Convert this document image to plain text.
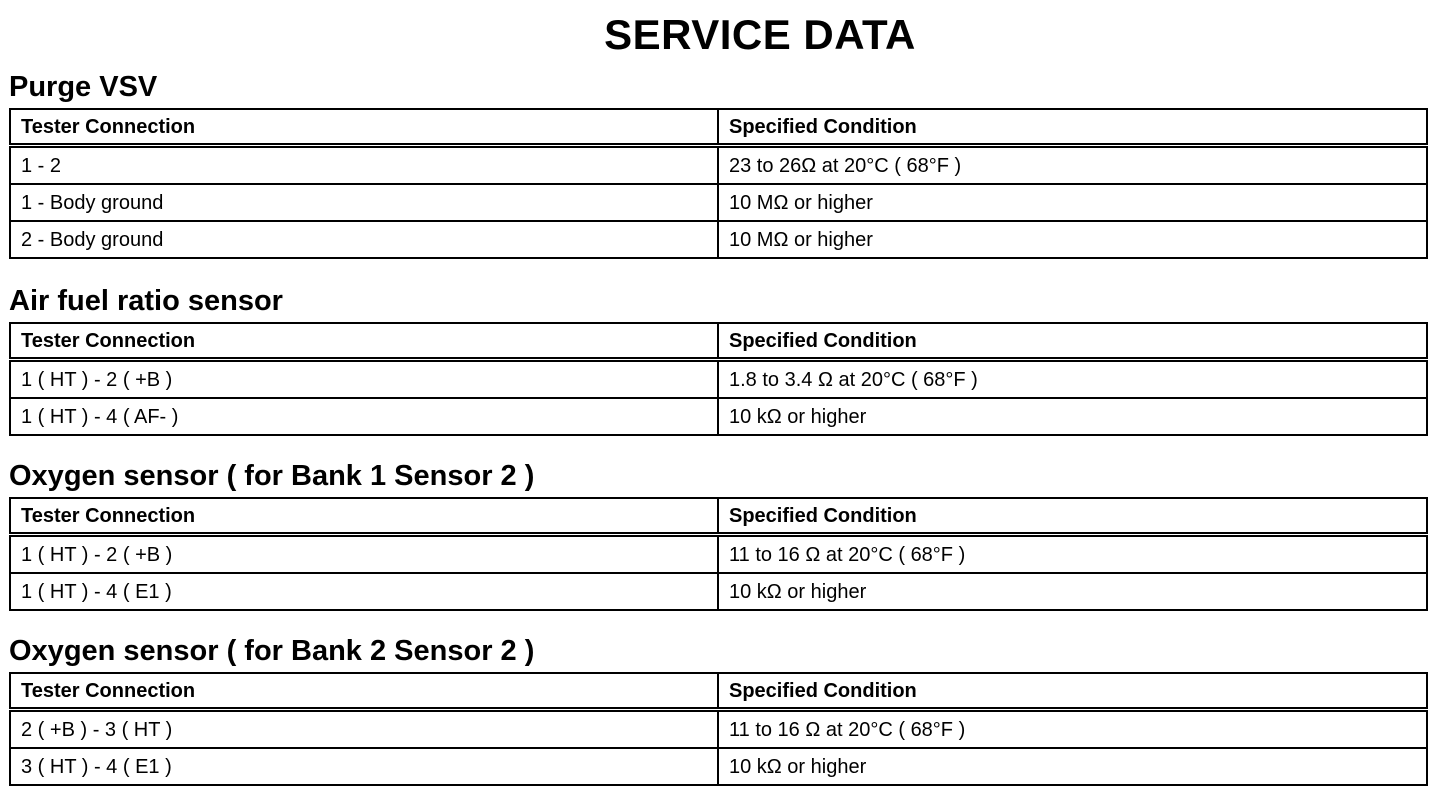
SERVICE DATA
Purge VSV
Tester Connection	Specified Condition
1 - 2	23 to 26Ω at 20°C ( 68°F )
1 - Body ground	10 MΩ or higher
2 - Body ground	10 MΩ or higher
Air fuel ratio sensor
Tester Connection	Specified Condition
1 ( HT ) - 2 ( +B )	1.8 to 3.4 Ω at 20°C ( 68°F )
1 ( HT ) - 4 ( AF- )	10 kΩ or higher
Oxygen sensor ( for Bank 1 Sensor 2 )
Tester Connection	Specified Condition
1 ( HT ) - 2 ( +B )	11 to 16 Ω at 20°C ( 68°F )
1 ( HT ) - 4 ( E1 )	10 kΩ or higher
Oxygen sensor ( for Bank 2 Sensor 2 )
Tester Connection	Specified Condition
2 ( +B ) - 3 ( HT )	11 to 16 Ω at 20°C ( 68°F )
3 ( HT ) - 4 ( E1 )	10 kΩ or higher
